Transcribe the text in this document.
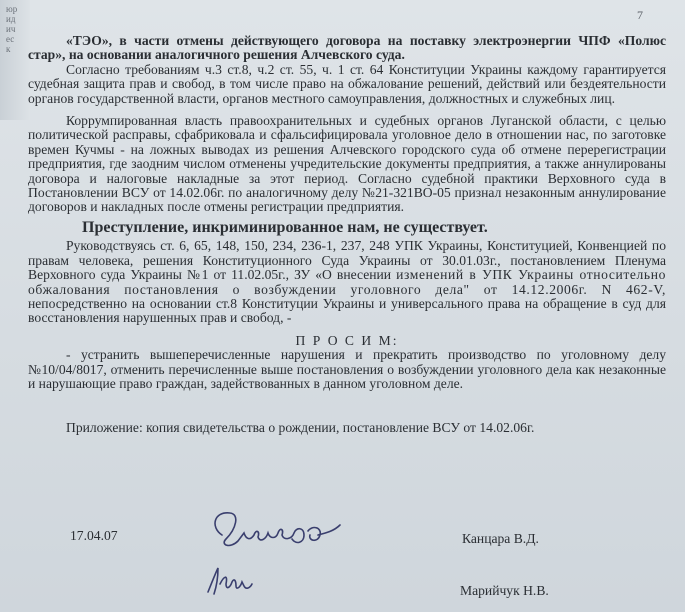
юридическ
7

«ТЭО», в части отмены действующего договора на поставку электроэнергии ЧПФ «Полюс стар», на основании аналогичного решения Алчевского суда.

Согласно требованиям ч.3 ст.8, ч.2 ст. 55, ч. 1 ст. 64 Конституции Украины каждому гарантируется судебная защита прав и свобод, в том числе право на обжалование решений, действий или бездеятельности органов государственной власти, органов местного самоуправления, должностных и служебных лиц.

Коррумпированная власть правоохранительных и судебных органов Луганской области, с целью политической расправы, сфабриковала и сфальсифицировала уголовное дело в отношении нас, по заготовке времен Кучмы - на ложных выводах из решения Алчевского городского суда об отмене перерегистрации предприятия, где заодним числом отменены учредительские документы предприятия, а также аннулированы договора и налоговые накладные за этот период. Согласно судебной практики Верховного суда в Постановлении ВСУ от 14.02.06г. по аналогичному делу №21-321ВО-05 признал незаконным аннулирование договоров и накладных после отмены регистрации предприятия.

Преступление, инкриминированное нам, не существует.

Руководствуясь ст. 6, 65, 148, 150, 234, 236-1, 237, 248 УПК Украины, Конституцией, Конвенцией по правам человека, решения Конституционного Суда Украины от 30.01.03г., постановлением Пленума Верховного суда Украины №1 от 11.02.05г., ЗУ «О внесении изменений в УПК Украины относительно обжалования постановления о возбуждении уголовного дела" от 14.12.2006г. N 462-V, непосредственно на основании ст.8 Конституции Украины и универсального права на обращение в суд для восстановления нарушенных прав и свобод, -

П Р О С И М:

- устранить вышеперечисленные нарушения и прекратить производство по уголовному делу №10/04/8017, отменить перечисленные выше постановления о возбуждении уголовного дела как незаконные и нарушающие право граждан, задействованных в данном уголовном деле.

Приложение: копия свидетельства о рождении, постановление ВСУ от 14.02.06г.

17.04.07	Канцара В.Д.
Марийчук Н.В.
